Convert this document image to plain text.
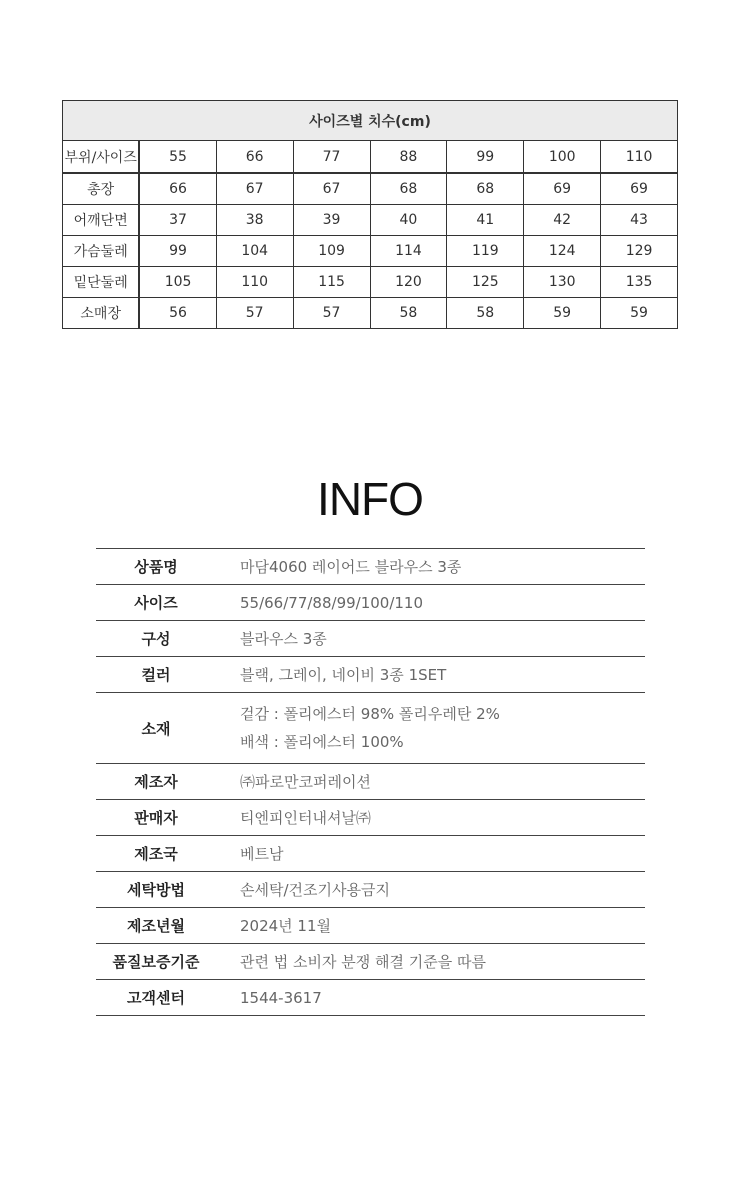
사이즈별 치수(cm)							
부위/사이즈	55	66	77	88	99	100	110
총장	66	67	67	68	68	69	69
어깨단면	37	38	39	40	41	42	43
가슴둘레	99	104	109	114	119	124	129
밑단둘레	105	110	115	120	125	130	135
소매장	56	57	57	58	58	59	59
INFO
상품명	마담4060 레이어드 블라우스 3종

사이즈	55/66/77/88/99/100/110

구성	블라우스 3종

컬러	블랙, 그레이, 네이비 3종 1SET

소재	겉감 : 폴리에스터 98% 폴리우레탄 2%
배색 : 폴리에스터 100%

제조자	㈜파로만코퍼레이션

판매자	티엔피인터내셔날㈜

제조국	베트남

세탁방법	손세탁/건조기사용금지

제조년월	2024년 11월

품질보증기준	관련 법 소비자 분쟁 해결 기준을 따름

고객센터	1544-3617
